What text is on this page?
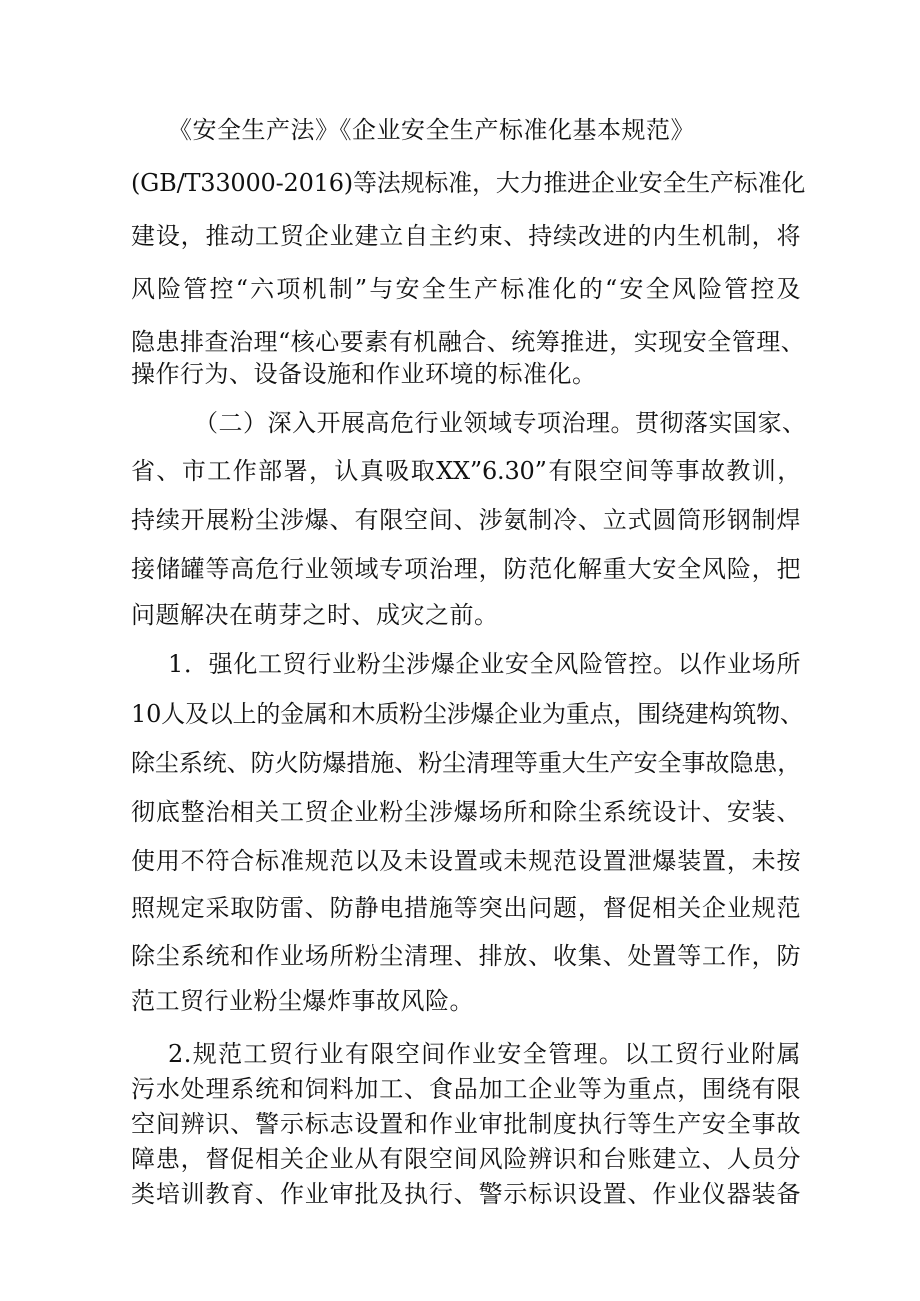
《安全生产法》《企业安全生产标准化基本规范》
(GB/T33000-2016)等法规标准，大力推进企业安全生产标准化
建设，推动工贸企业建立自主约束、持续改进的内生机制，将
风险管控“六项机制”与安全生产标准化的“安全风险管控及
隐患排查治理“核心要素有机融合、统筹推进，实现安全管理、
操作行为、设备设施和作业环境的标准化。
（二）深入开展高危行业领域专项治理。贯彻落实国家、
省、市工作部署，认真吸取XX”6.30”有限空间等事故教训，
持续开展粉尘涉爆、有限空间、涉氨制冷、立式圆筒形钢制焊
接储罐等高危行业领域专项治理，防范化解重大安全风险，把
问题解决在萌芽之时、成灾之前。
1．强化工贸行业粉尘涉爆企业安全风险管控。以作业场所
10人及以上的金属和木质粉尘涉爆企业为重点，围绕建构筑物、
除尘系统、防火防爆措施、粉尘清理等重大生产安全事故隐患，
彻底整治相关工贸企业粉尘涉爆场所和除尘系统设计、安装、
使用不符合标准规范以及未设置或未规范设置泄爆装置，未按
照规定采取防雷、防静电措施等突出问题，督促相关企业规范
除尘系统和作业场所粉尘清理、排放、收集、处置等工作，防
范工贸行业粉尘爆炸事故风险。
2.规范工贸行业有限空间作业安全管理。以工贸行业附属
污水处理系统和饲料加工、食品加工企业等为重点，围绕有限
空间辨识、警示标志设置和作业审批制度执行等生产安全事故
障患，督促相关企业从有限空间风险辨识和台账建立、人员分
类培训教育、作业审批及执行、警示标识设置、作业仪器装备
